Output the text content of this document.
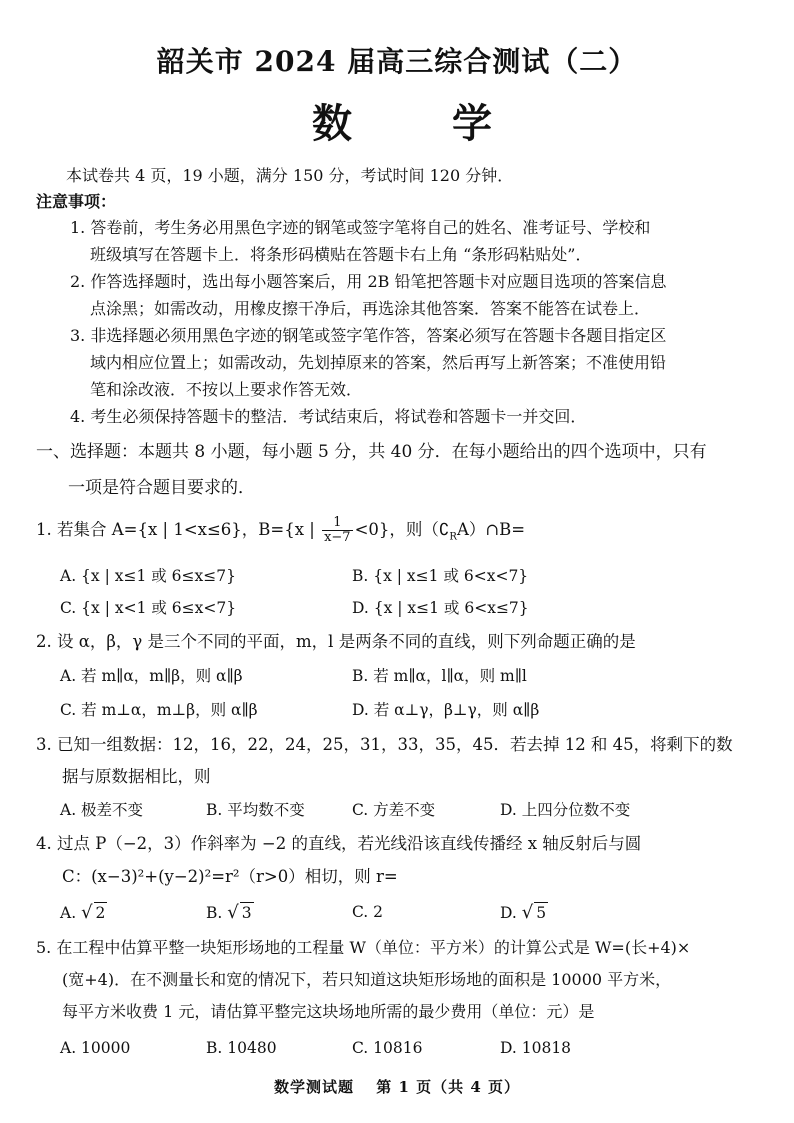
韶关市 2024 届高三综合测试（二）
数　学
本试卷共 4 页，19 小题，满分 150 分，考试时间 120 分钟．
注意事项：
1. 答卷前，考生务必用黑色字迹的钢笔或签字笔将自己的姓名、准考证号、学校和
班级填写在答题卡上．将条形码横贴在答题卡右上角 “条形码粘贴处”．
2. 作答选择题时，选出每小题答案后，用 2B 铅笔把答题卡对应题目选项的答案信息
点涂黑；如需改动，用橡皮擦干净后，再选涂其他答案．答案不能答在试卷上．
3. 非选择题必须用黑色字迹的钢笔或签字笔作答，答案必须写在答题卡各题目指定区
域内相应位置上；如需改动，先划掉原来的答案，然后再写上新答案；不准使用铅
笔和涂改液．不按以上要求作答无效．
4. 考生必须保持答题卡的整洁．考试结束后，将试卷和答题卡一并交回．
一、选择题：本题共 8 小题，每小题 5 分，共 40 分．在每小题给出的四个选项中，只有
一项是符合题目要求的．
1. 若集合 A={x | 1<x≤6}，B={x | $\frac{1}{x-7} <0$}，则$(∁_RA)\cap B=$
A. {x | x≤1 或 6≤x≤7}	B. {x | x≤1 或 6<x<7}
C. {x | x<1 或 6≤x<7}	D. {x | x≤1 或 6<x≤7}
2. 设 α，β，γ 是三个不同的平面，m，l 是两条不同的直线，则下列命题正确的是
A. 若 m∥α，m∥β，则 α∥β	B. 若 m∥α，l∥α，则 m∥l
C. 若 m⊥α，m⊥β，则 α∥β	D. 若 α⊥γ，β⊥γ，则 α∥β
3. 已知一组数据：12，16，22，24，25，31，33，35，45．若去掉 12 和 45，将剩下的数
据与原数据相比，则
A. 极差不变	B. 平均数不变	C. 方差不变	D. 上四分位数不变
4. 过点 P（−2，3）作斜率为 −2 的直线，若光线沿该直线传播经 x 轴反射后与圆
C：(x−3)²+(y−2)²=r²（r>0）相切，则 r=
A. √ 2	B. √ 3	C. 2	D. √ 5
5. 在工程中估算平整一块矩形场地的工程量 W（单位：平方米）的计算公式是 W=(长+4)×
(宽+4)．在不测量长和宽的情况下，若只知道这块矩形场地的面积是 10000 平方米，
每平方米收费 1 元，请估算平整完这块场地所需的最少费用（单位：元）是
A. 10000	B. 10480	C. 10816	D. 10818
数学测试题　 第 1 页（共 4 页）
